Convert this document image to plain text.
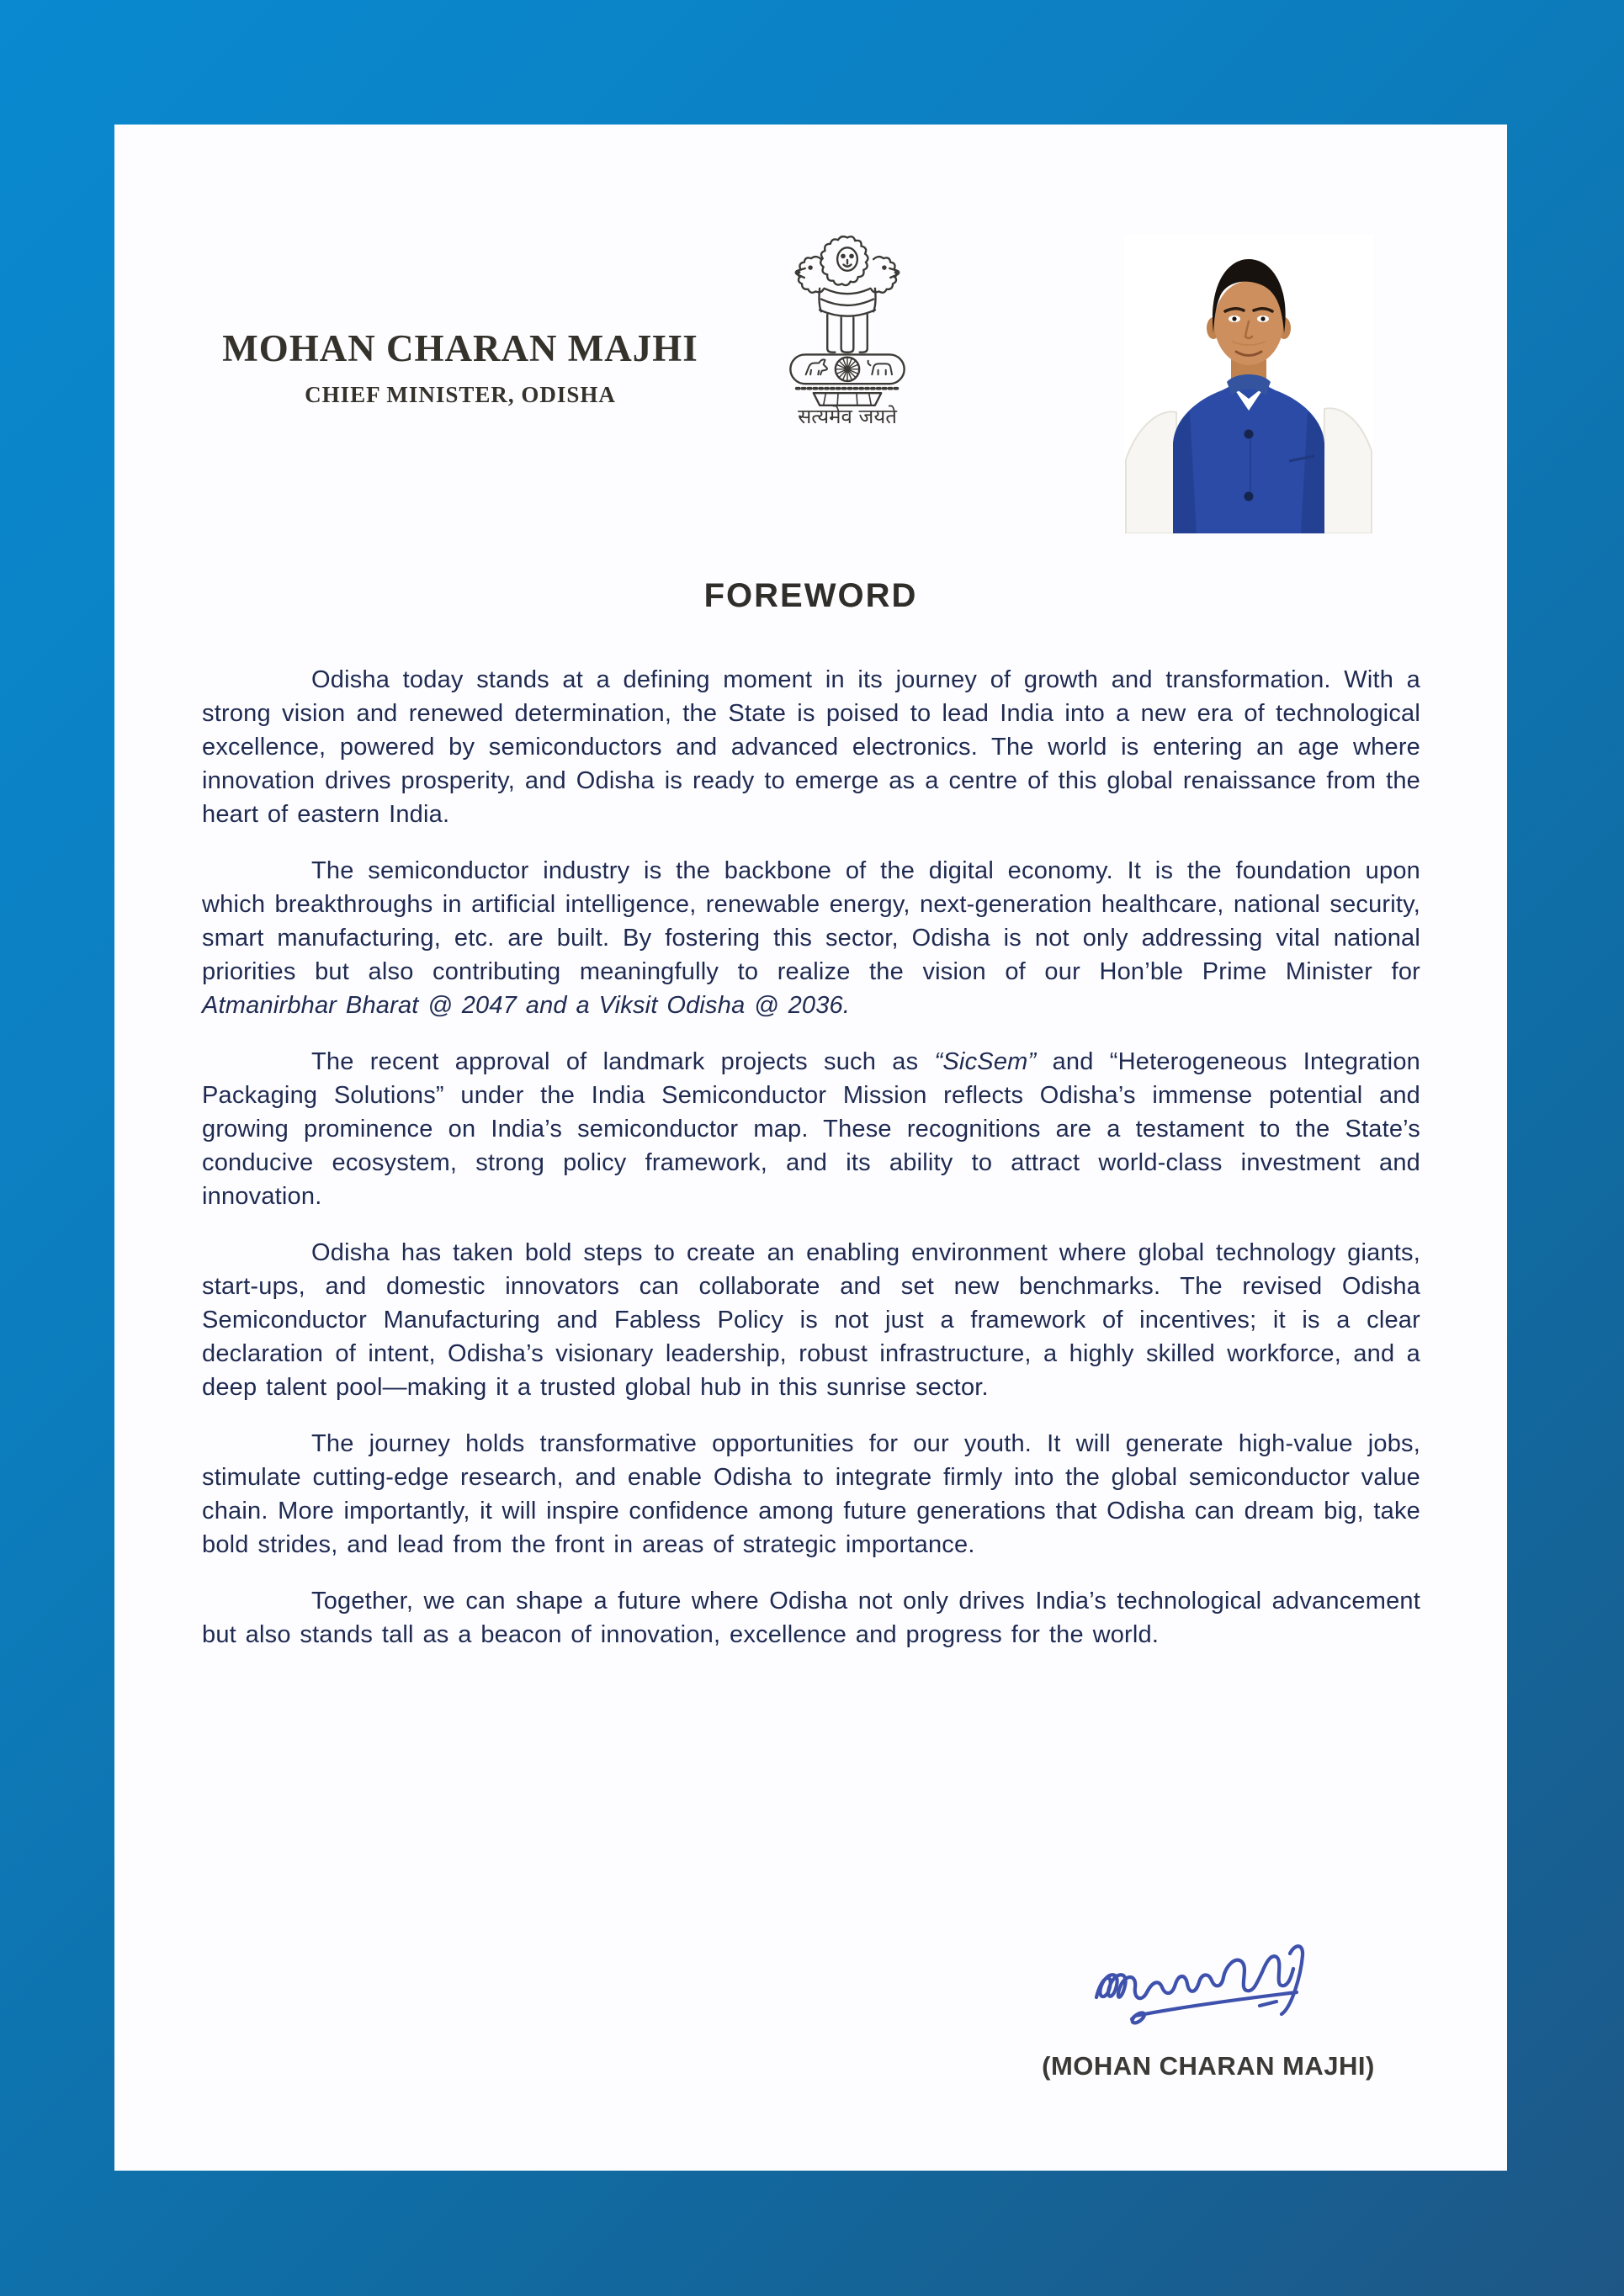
MOHAN CHARAN MAJHI
CHIEF MINISTER, ODISHA
सत्यमेव जयते
FOREWORD

Odisha today stands at a defining moment in its journey of growth and transformation. With a strong vision and renewed determination, the State is poised to lead India into a new era of technological excellence, powered by semiconductors and advanced electronics. The world is entering an age where innovation drives prosperity, and Odisha is ready to emerge as a centre of this global renaissance from the heart of eastern India.

The semiconductor industry is the backbone of the digital economy. It is the foundation upon which breakthroughs in artificial intelligence, renewable energy, next-generation healthcare, national security, smart manufacturing, etc. are built. By fostering this sector, Odisha is not only addressing vital national priorities but also contributing meaningfully to realize the vision of our Hon’ble Prime Minister for Atmanirbhar Bharat @ 2047 and a Viksit Odisha @ 2036.

The recent approval of landmark projects such as “SicSem” and “Heterogeneous Integration Packaging Solutions” under the India Semiconductor Mission reflects Odisha’s immense potential and growing prominence on India’s semiconductor map. These recognitions are a testament to the State’s conducive ecosystem, strong policy framework, and its ability to attract world-class investment and innovation.

Odisha has taken bold steps to create an enabling environment where global technology giants, start-ups, and domestic innovators can collaborate and set new benchmarks. The revised Odisha Semiconductor Manufacturing and Fabless Policy is not just a framework of incentives; it is a clear declaration of intent, Odisha’s visionary leadership, robust infrastructure, a highly skilled workforce, and a deep talent pool—making it a trusted global hub in this sunrise sector.

The journey holds transformative opportunities for our youth. It will generate high-value jobs, stimulate cutting-edge research, and enable Odisha to integrate firmly into the global semiconductor value chain. More importantly, it will inspire confidence among future generations that Odisha can dream big, take bold strides, and lead from the front in areas of strategic importance.

Together, we can shape a future where Odisha not only drives India’s technological advancement but also stands tall as a beacon of innovation, excellence and progress for the world.

(MOHAN CHARAN MAJHI)
